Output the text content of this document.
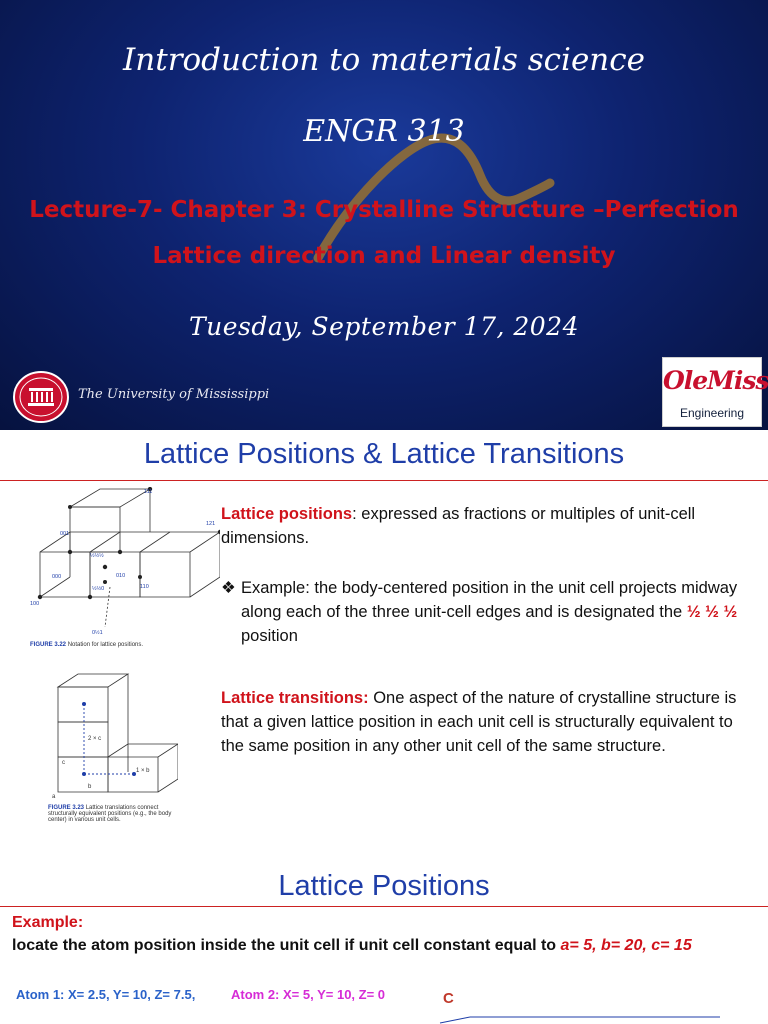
Introduction to materials science
ENGR 313
Lecture-7- Chapter 3: Crystalline Structure –Perfection
Lattice direction and Linear density
Tuesday, September 17, 2024
The University of Mississippi	OleMiss
Engineering
Lattice Positions & Lattice Transitions
000
001
111
121
010
100
110
½½½
½½0
0½1
FIGURE 3.22 Notation for lattice positions.
Lattice positions: expressed as fractions or multiples of unit-cell dimensions.
❖ Example: the body-centered position in the unit cell projects midway along each of the three unit-cell edges and is designated the ½ ½ ½ position
a
b
c
2 × c
1 × b
FIGURE 3.23 Lattice translations connect structurally equivalent positions (e.g., the body center) in various unit cells.
Lattice transitions: One aspect of the nature of crystalline structure is that a given lattice position in each unit cell is structurally equivalent to the same position in any other unit cell of the same structure.
Lattice Positions
Example:
locate the atom position inside the unit cell if unit cell constant equal to a= 5, b= 20, c= 15
Atom 1: X= 2.5, Y= 10, Z= 7.5,	Atom 2: X= 5, Y= 10, Z= 0	C
